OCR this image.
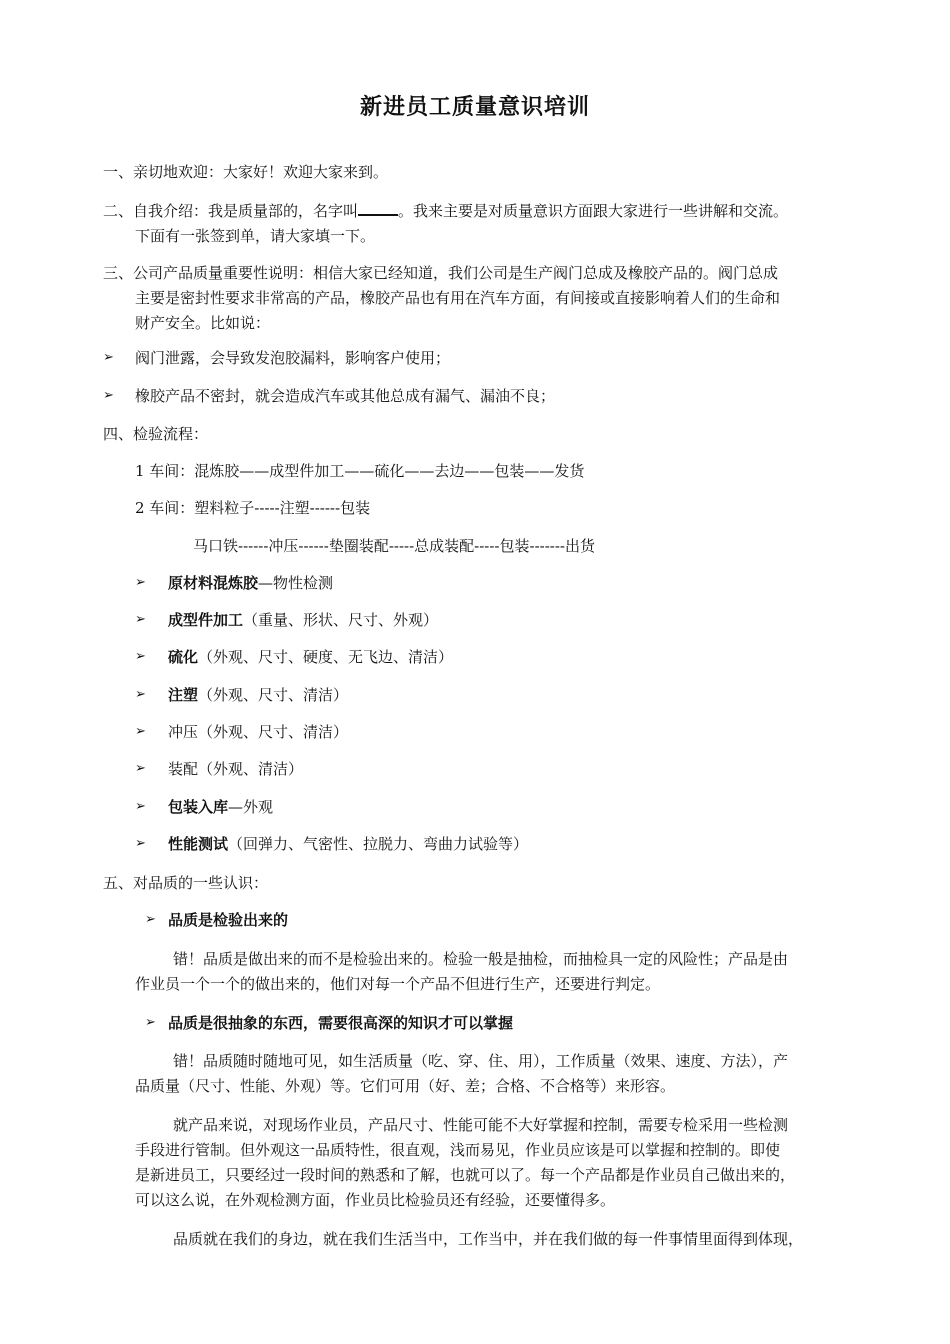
新进员工质量意识培训
一、亲切地欢迎：大家好！欢迎大家来到。
二、自我介绍：我是质量部的，名字叫	。我来主要是对质量意识方面跟大家进行一些讲解和交流。
下面有一张签到单，请大家填一下。
三、公司产品质量重要性说明：相信大家已经知道，我们公司是生产阀门总成及橡胶产品的。阀门总成
主要是密封性要求非常高的产品，橡胶产品也有用在汽车方面，有间接或直接影响着人们的生命和
财产安全。比如说：
➢ 阀门泄露，会导致发泡胶漏料，影响客户使用；
➢ 橡胶产品不密封，就会造成汽车或其他总成有漏气、漏油不良；
四、检验流程：
1 车间：混炼胶——成型件加工——硫化——去边——包装——发货
2 车间：塑料粒子-----注塑------包装
马口铁------冲压------垫圈装配-----总成装配-----包装-------出货
➢ 原材料混炼胶—物性检测
➢ 成型件加工（重量、形状、尺寸、外观）
➢ 硫化（外观、尺寸、硬度、无飞边、清洁）
➢ 注塑（外观、尺寸、清洁）
➢ 冲压（外观、尺寸、清洁）
➢ 装配（外观、清洁）
➢ 包装入库—外观
➢ 性能测试（回弹力、气密性、拉脱力、弯曲力试验等）
五、对品质的一些认识：
➢ 品质是检验出来的
错！品质是做出来的而不是检验出来的。检验一般是抽检，而抽检具一定的风险性；产品是由
作业员一个一个的做出来的，他们对每一个产品不但进行生产，还要进行判定。
➢ 品质是很抽象的东西，需要很高深的知识才可以掌握
错！品质随时随地可见，如生活质量（吃、穿、住、用），工作质量（效果、速度、方法），产
品质量（尺寸、性能、外观）等。它们可用（好、差；合格、不合格等）来形容。
就产品来说，对现场作业员，产品尺寸、性能可能不大好掌握和控制，需要专检采用一些检测
手段进行管制。但外观这一品质特性，很直观，浅而易见，作业员应该是可以掌握和控制的。即使
是新进员工，只要经过一段时间的熟悉和了解，也就可以了。每一个产品都是作业员自己做出来的，
可以这么说，在外观检测方面，作业员比检验员还有经验，还要懂得多。
品质就在我们的身边，就在我们生活当中，工作当中，并在我们做的每一件事情里面得到体现，
